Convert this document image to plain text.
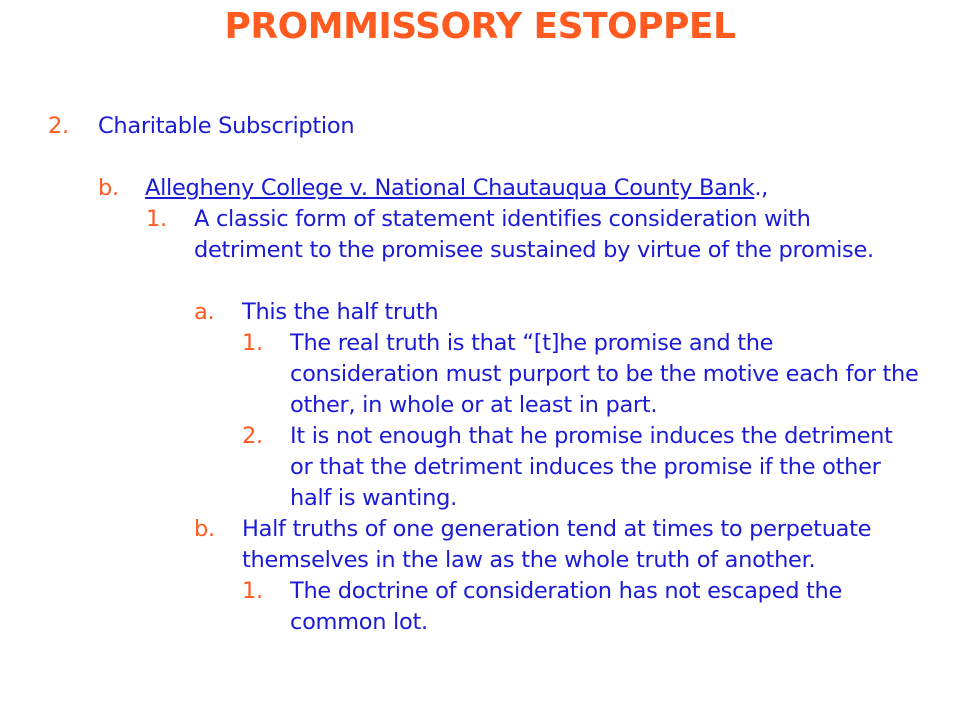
PROMMISSORY ESTOPPEL
2. Charitable Subscription
b. Allegheny College v. National Chautauqua County Bank.,
1. A classic form of statement identifies consideration with detriment to the promisee sustained by virtue of the promise.
a. This the half truth
1. The real truth is that “[t]he promise and the consideration must purport to be the motive each for the other, in whole or at least in part.
2. It is not enough that he promise induces the detriment or that the detriment induces the promise if the other half is wanting.
b. Half truths of one generation tend at times to perpetuate themselves in the law as the whole truth of another.
1. The doctrine of consideration has not escaped the common lot.
